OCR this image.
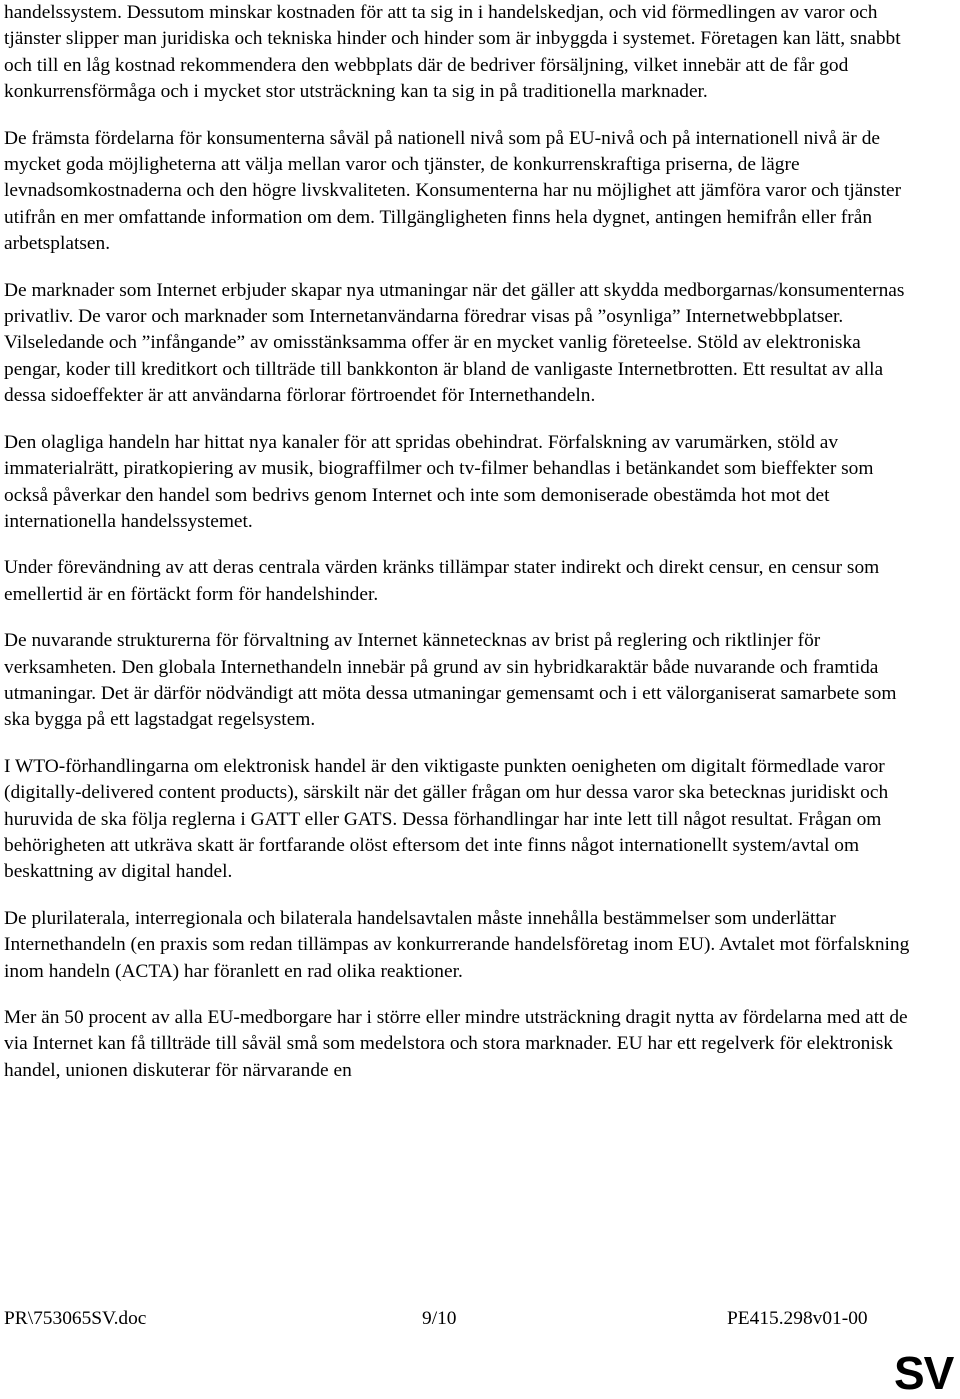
handelssystem. Dessutom minskar kostnaden för att ta sig in i handelskedjan, och vid förmedlingen av varor och tjänster slipper man juridiska och tekniska hinder och hinder som är inbyggda i systemet. Företagen kan lätt, snabbt och till en låg kostnad rekommendera den webbplats där de bedriver försäljning, vilket innebär att de får god konkurrensförmåga och i mycket stor utsträckning kan ta sig in på traditionella marknader.

De främsta fördelarna för konsumenterna såväl på nationell nivå som på EU-nivå och på internationell nivå är de mycket goda möjligheterna att välja mellan varor och tjänster, de konkurrenskraftiga priserna, de lägre levnadsomkostnaderna och den högre livskvaliteten. Konsumenterna har nu möjlighet att jämföra varor och tjänster utifrån en mer omfattande information om dem. Tillgängligheten finns hela dygnet, antingen hemifrån eller från arbetsplatsen.

De marknader som Internet erbjuder skapar nya utmaningar när det gäller att skydda medborgarnas/konsumenternas privatliv. De varor och marknader som Internetanvändarna föredrar visas på ”osynliga” Internetwebbplatser. Vilseledande och ”infångande” av omisstänksamma offer är en mycket vanlig företeelse. Stöld av elektroniska pengar, koder till kreditkort och tillträde till bankkonton är bland de vanligaste Internetbrotten. Ett resultat av alla dessa sidoeffekter är att användarna förlorar förtroendet för Internethandeln.

Den olagliga handeln har hittat nya kanaler för att spridas obehindrat. Förfalskning av varumärken, stöld av immaterialrätt, piratkopiering av musik, biograffilmer och tv-filmer behandlas i betänkandet som bieffekter som också påverkar den handel som bedrivs genom Internet och inte som demoniserade obestämda hot mot det internationella handelssystemet.

Under förevändning av att deras centrala värden kränks tillämpar stater indirekt och direkt censur, en censur som emellertid är en förtäckt form för handelshinder.

De nuvarande strukturerna för förvaltning av Internet kännetecknas av brist på reglering och riktlinjer för verksamheten. Den globala Internethandeln innebär på grund av sin hybridkaraktär både nuvarande och framtida utmaningar. Det är därför nödvändigt att möta dessa utmaningar gemensamt och i ett välorganiserat samarbete som ska bygga på ett lagstadgat regelsystem.

I WTO-förhandlingarna om elektronisk handel är den viktigaste punkten oenigheten om digitalt förmedlade varor (digitally-delivered content products), särskilt när det gäller frågan om hur dessa varor ska betecknas juridiskt och huruvida de ska följa reglerna i GATT eller GATS. Dessa förhandlingar har inte lett till något resultat. Frågan om behörigheten att utkräva skatt är fortfarande olöst eftersom det inte finns något internationellt system/avtal om beskattning av digital handel.

De plurilaterala, interregionala och bilaterala handelsavtalen måste innehålla bestämmelser som underlättar Internethandeln (en praxis som redan tillämpas av konkurrerande handelsföretag inom EU). Avtalet mot förfalskning inom handeln (ACTA) har föranlett en rad olika reaktioner.

Mer än 50 procent av alla EU-medborgare har i större eller mindre utsträckning dragit nytta av fördelarna med att de via Internet kan få tillträde till såväl små som medelstora och stora marknader. EU har ett regelverk för elektronisk handel, unionen diskuterar för närvarande en

PR\753065SV.doc	9/10	PE415.298v01-00
SV
